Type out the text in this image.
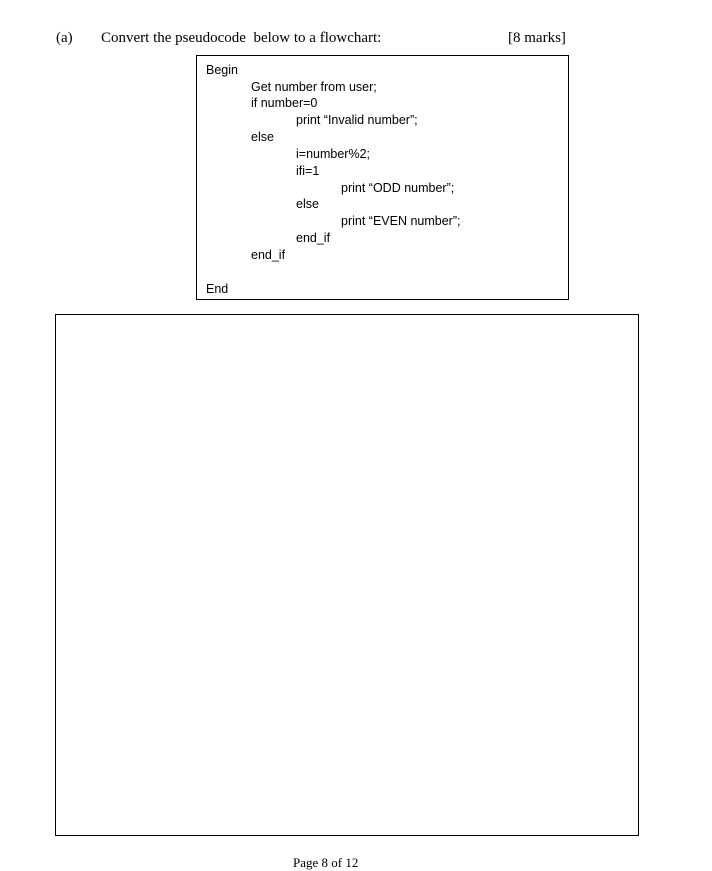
(a) Convert the pseudocode  below to a flowchart:	[8 marks]
Begin
Get number from user;
if number=0
print “Invalid number”;
else
i=number%2;
ifi=1
print “ODD number”;
else
print “EVEN number”;
end_if
end_if
End
Page 8 of 12
